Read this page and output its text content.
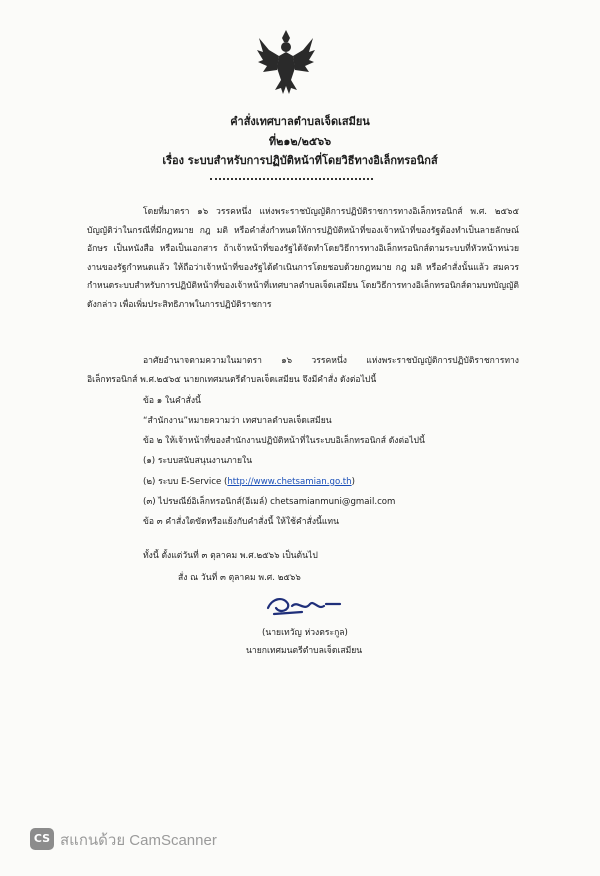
คำสั่งเทศบาลตำบลเจ็ดเสมียน
ที่๒๑๒/๒๕๖๖
เรื่อง ระบบสำหรับการปฏิบัติหน้าที่โดยวิธีทางอิเล็กทรอนิกส์
โดยที่มาตรา ๑๖ วรรคหนึ่ง แห่งพระราชบัญญัติการปฏิบัติราชการทางอิเล็กทรอนิกส์ พ.ศ. ๒๕๖๕ บัญญัติว่าในกรณีที่มีกฎหมาย กฎ มติ หรือคำสั่งกำหนดให้การปฏิบัติหน้าที่ของเจ้าหน้าที่ของรัฐต้องทำเป็นลายลักษณ์อักษร เป็นหนังสือ หรือเป็นเอกสาร ถ้าเจ้าหน้าที่ของรัฐได้จัดทำโดยวิธีการทางอิเล็กทรอนิกส์ตามระบบที่หัวหน้าหน่วยงานของรัฐกำหนดแล้ว ให้ถือว่าเจ้าหน้าที่ของรัฐได้ดำเนินการโดยชอบด้วยกฎหมาย กฎ มติ หรือคำสั่งนั้นแล้ว สมควรกำหนดระบบสำหรับการปฏิบัติหน้าที่ของเจ้าหน้าที่เทศบาลตำบลเจ็ดเสมียน โดยวิธีการทางอิเล็กทรอนิกส์ตามบทบัญญัติดังกล่าว เพื่อเพิ่มประสิทธิภาพในการปฏิบัติราชการ
อาศัยอำนาจตามความในมาตรา ๑๖ วรรคหนึ่ง แห่งพระราชบัญญัติการปฏิบัติราชการทางอิเล็กทรอนิกส์ พ.ศ.๒๕๖๕ นายกเทศมนตรีตำบลเจ็ดเสมียน จึงมีคำสั่ง ดังต่อไปนี้
ข้อ ๑ ในคำสั่งนี้
“สำนักงาน”หมายความว่า เทศบาลตำบลเจ็ดเสมียน
ข้อ ๒ ให้เจ้าหน้าที่ของสำนักงานปฏิบัติหน้าที่ในระบบอิเล็กทรอนิกส์ ดังต่อไปนี้
(๑) ระบบสนับสนุนงานภายใน
(๒) ระบบ E-Service (http://www.chetsamian.go.th)
(๓) ไปรษณีย์อิเล็กทรอนิกส์(อีเมล์) chetsamianmuni@gmail.com
ข้อ ๓ คำสั่งใดขัดหรือแย้งกับคำสั่งนี้ ให้ใช้คำสั่งนี้แทน
ทั้งนี้ ตั้งแต่วันที่ ๓ ตุลาคม พ.ศ.๒๕๖๖ เป็นต้นไป
สั่ง ณ วันที่ ๓ ตุลาคม พ.ศ. ๒๕๖๖
(นายเทวัญ ห่วงตระกูล)
นายกเทศมนตรีตำบลเจ็ดเสมียน
CS สแกนด้วย CamScanner
